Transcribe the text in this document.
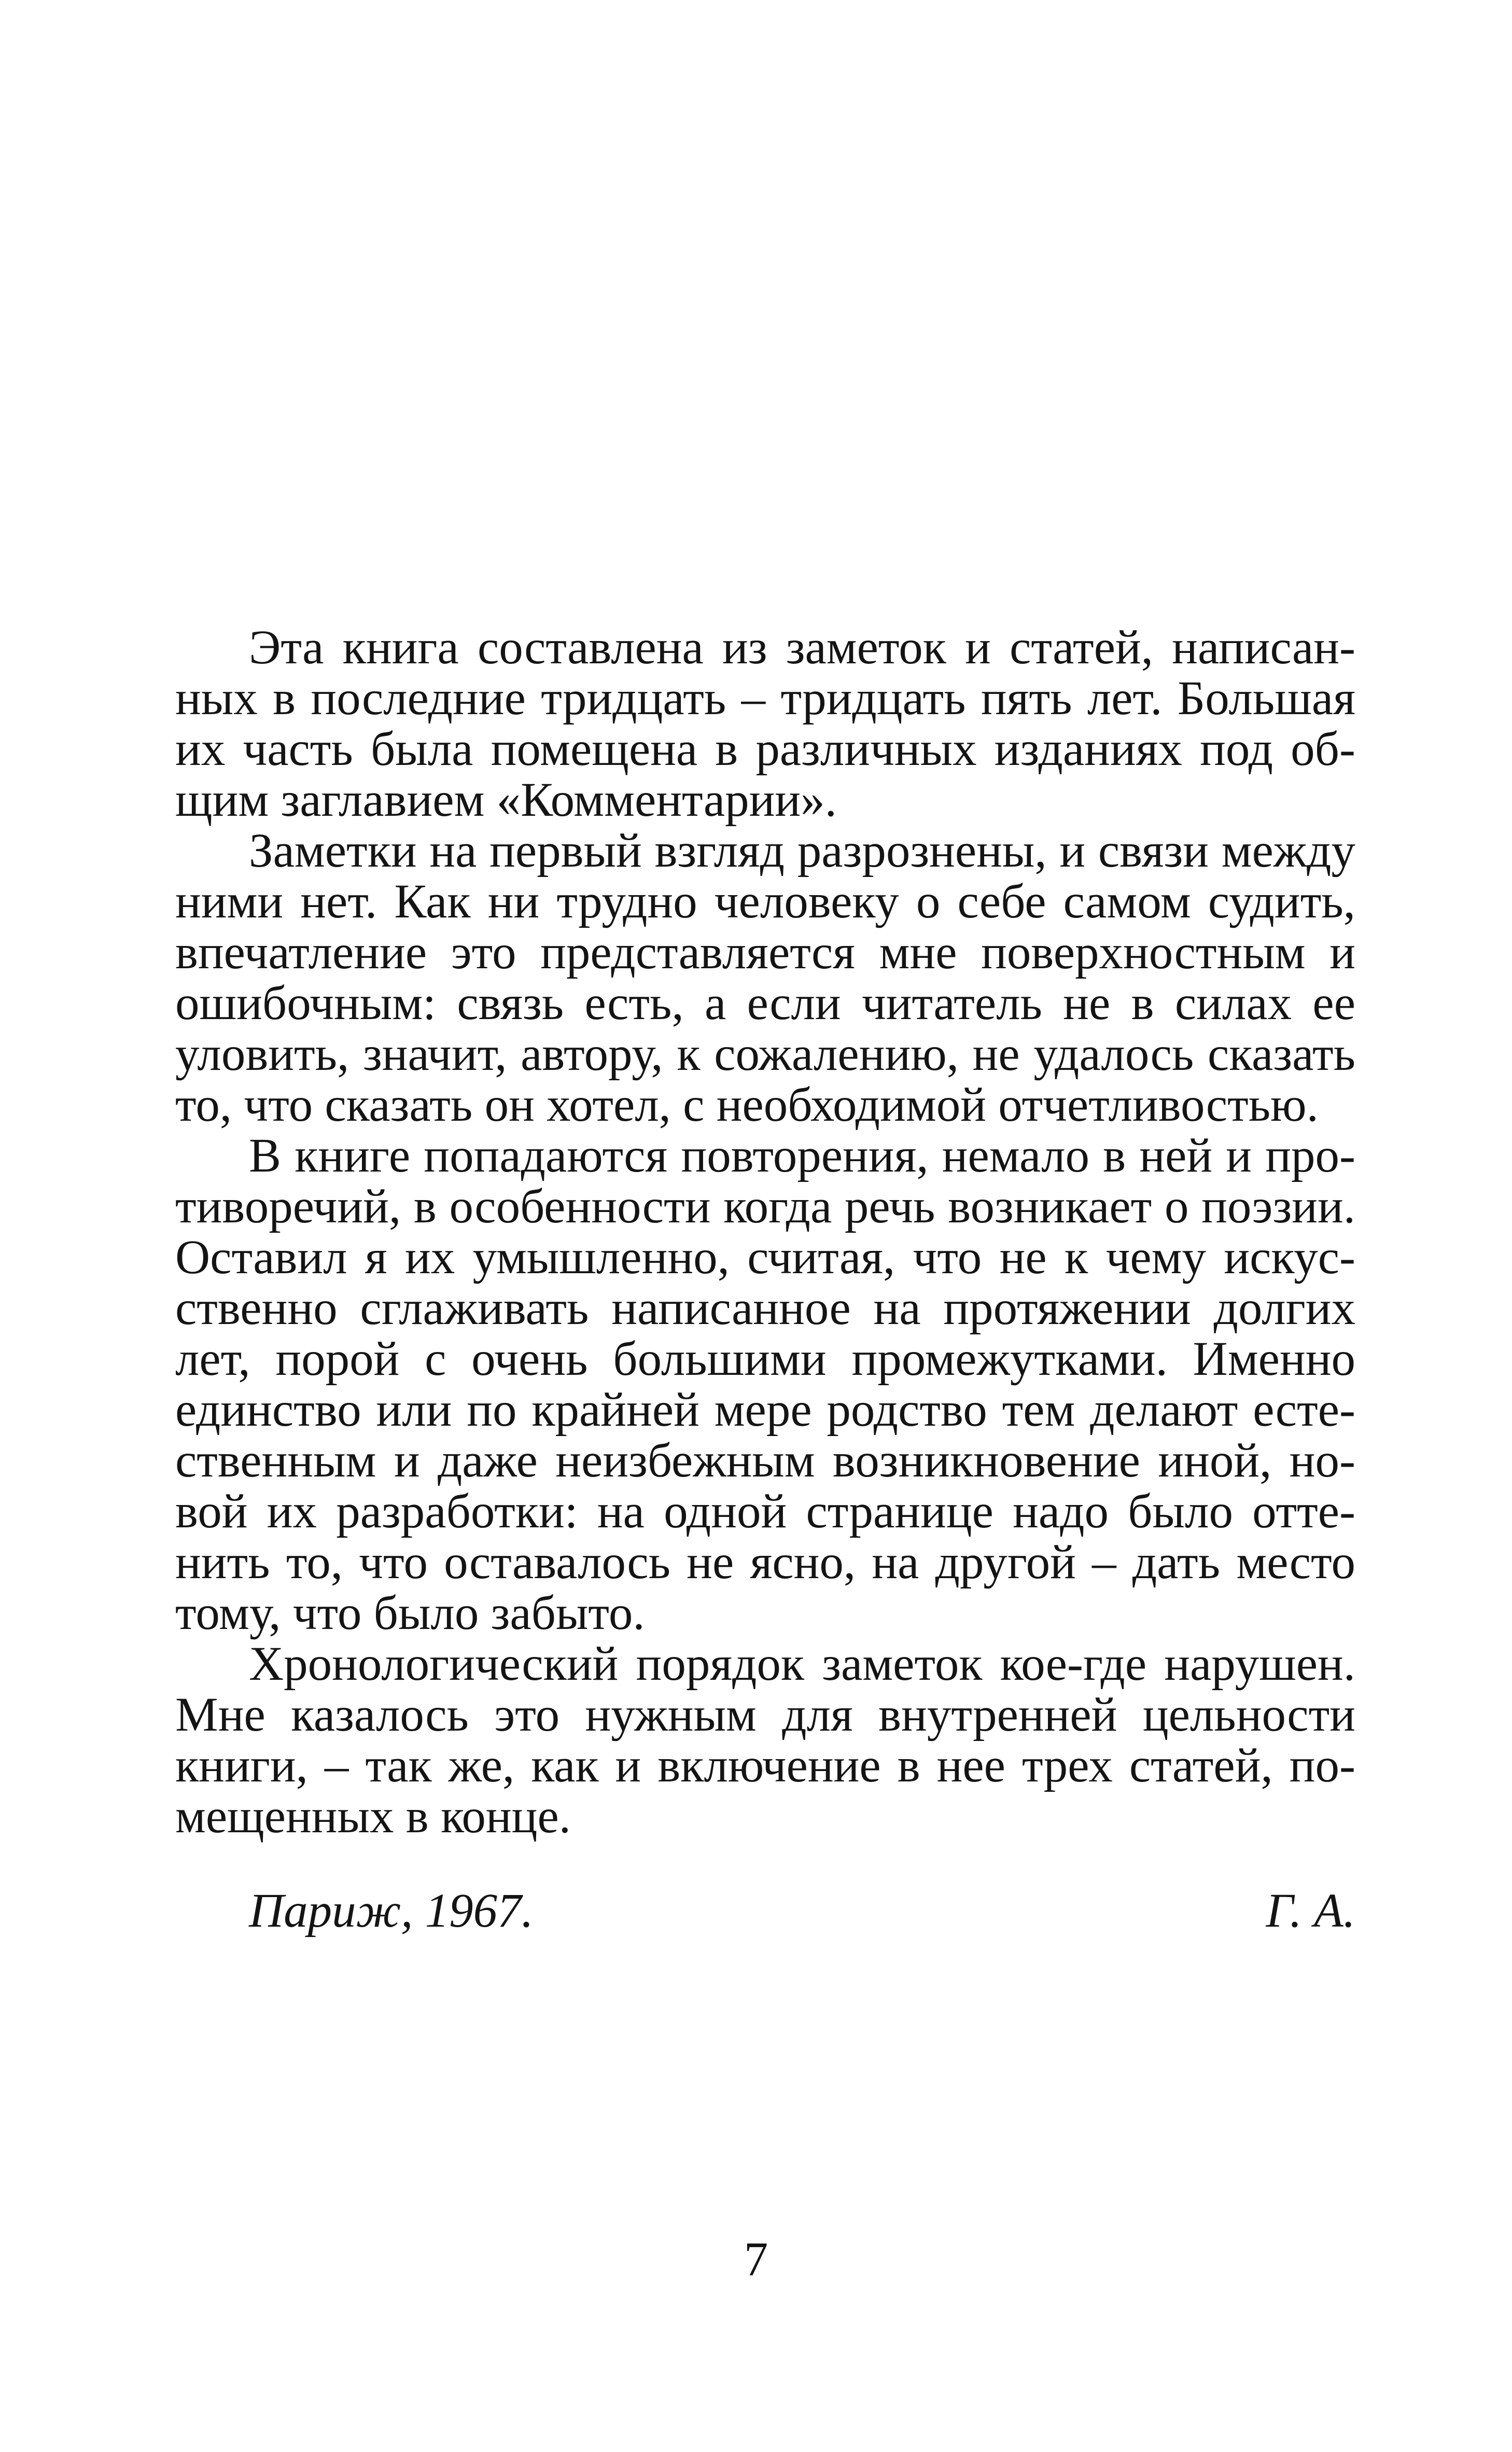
Эта книга составлена из заметок и статей, написанных в последние тридцать – тридцать пять лет. Большая их часть была помещена в различных изданиях под общим заглавием «Комментарии».

Заметки на первый взгляд разрознены, и связи между ними нет. Как ни трудно человеку о себе самом судить, впечатление это представляется мне поверхностным и ошибочным: связь есть, а если читатель не в силах ее уловить, значит, автору, к сожалению, не удалось сказать то, что сказать он хотел, с необходимой отчетливостью.

В книге попадаются повторения, немало в ней и противоречий, в особенности когда речь возникает о поэзии. Оставил я их умышленно, считая, что не к чему искусственно сглаживать написанное на протяжении долгих лет, порой с очень большими промежутками. Именно единство или по крайней мере родство тем делают естественным и даже неизбежным возникновение иной, новой их разработки: на одной странице надо было оттенить то, что оставалось не ясно, на другой – дать место тому, что было забыто.

Хронологический порядок заметок кое-где нарушен. Мне казалось это нужным для внутренней цельности книги, – так же, как и включение в нее трех статей, помещенных в конце.

Париж, 1967.	Г. А.
7
